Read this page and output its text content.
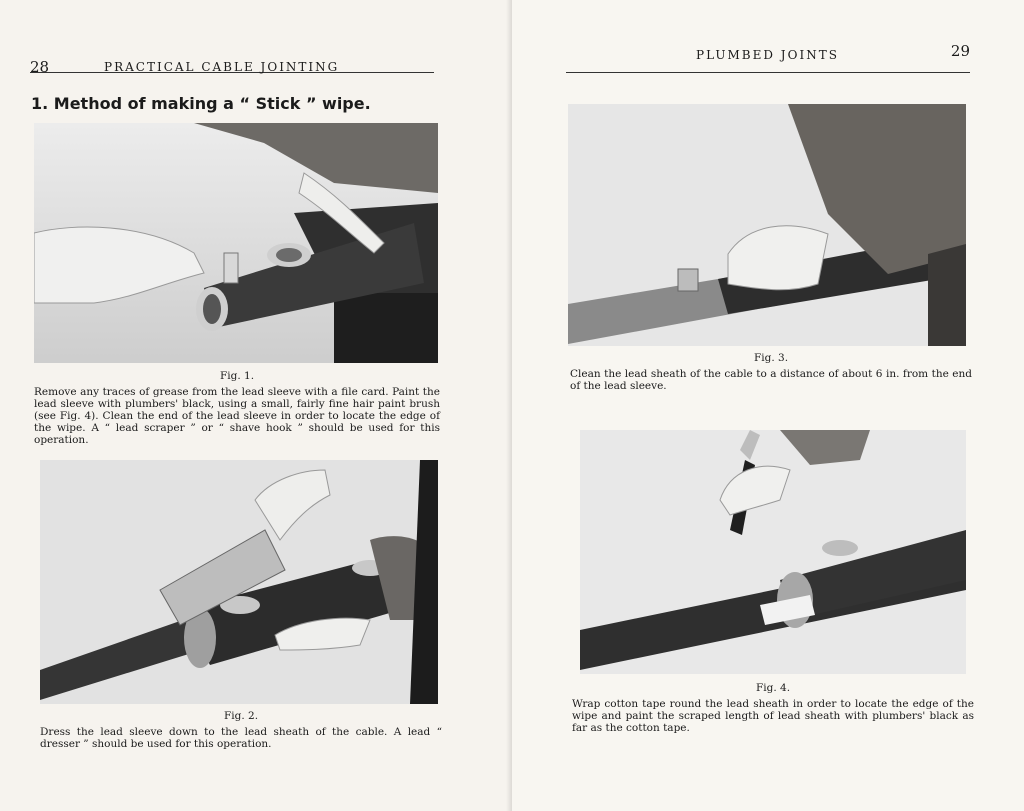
28	PRACTICAL CABLE JOINTING
1. Method of making a “ Stick ” wipe.
Fig. 1.
Remove any traces of grease from the lead sleeve with a file card. Paint the lead sleeve with plumbers' black, using a small, fairly fine hair paint brush (see Fig. 4). Clean the end of the lead sleeve in order to locate the edge of the wipe. A “ lead scraper ” or “ shave hook ” should be used for this operation.
Fig. 2.
Dress the lead sleeve down to the lead sheath of the cable. A lead “ dresser ” should be used for this operation.
PLUMBED JOINTS	29
Fig. 3.
Clean the lead sheath of the cable to a distance of about 6 in. from the end of the lead sleeve.
Fig. 4.
Wrap cotton tape round the lead sheath in order to locate the edge of the wipe and paint the scraped length of lead sheath with plumbers' black as far as the cotton tape.
